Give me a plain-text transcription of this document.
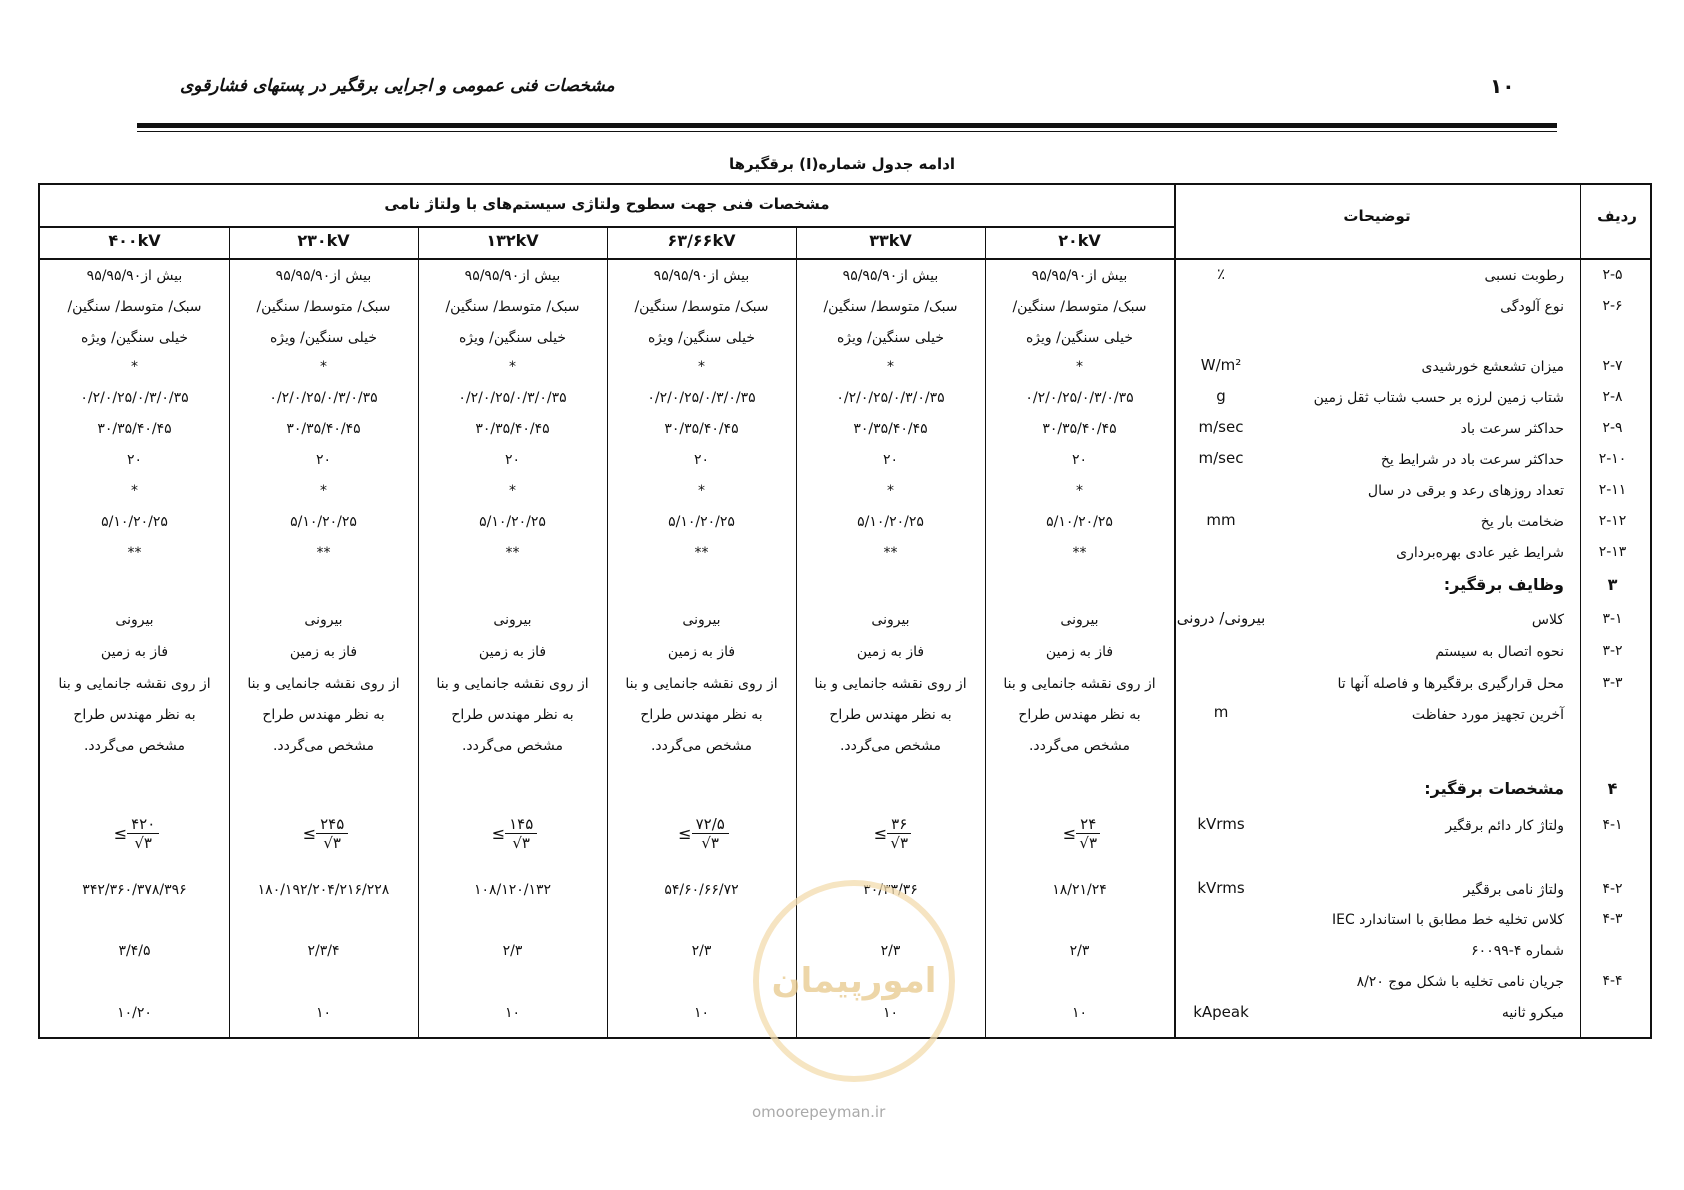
۱۰
مشخصات فنی عمومی و اجرایی برقگیر در پستهای فشارقوی
ادامه جدول شماره(I) برقگیرها
ردیف
توضیحات
مشخصات فنی جهت سطوح ولتاژی سیستم‌های با ولتاژ نامی
۲۰kV
۳۳kV
۶۳/۶۶kV
۱۳۲kV
۲۳۰kV
۴۰۰kV
۲-۵
رطوبت نسبی
٪
بیش از۹۵/۹۵/۹۰
بیش از۹۵/۹۵/۹۰
بیش از۹۵/۹۵/۹۰
بیش از۹۵/۹۵/۹۰
بیش از۹۵/۹۵/۹۰
بیش از۹۵/۹۵/۹۰
۲-۶
نوع آلودگی
سبک/ متوسط/ سنگین/
خیلی سنگین/ ویژه
سبک/ متوسط/ سنگین/
خیلی سنگین/ ویژه
سبک/ متوسط/ سنگین/
خیلی سنگین/ ویژه
سبک/ متوسط/ سنگین/
خیلی سنگین/ ویژه
سبک/ متوسط/ سنگین/
خیلی سنگین/ ویژه
سبک/ متوسط/ سنگین/
خیلی سنگین/ ویژه
۲-۷
میزان تشعشع خورشیدی
W/m²
*
*
*
*
*
*
۲-۸
شتاب زمین لرزه بر حسب شتاب ثقل زمین
g
۰/۲/۰/۲۵/۰/۳/۰/۳۵
۰/۲/۰/۲۵/۰/۳/۰/۳۵
۰/۲/۰/۲۵/۰/۳/۰/۳۵
۰/۲/۰/۲۵/۰/۳/۰/۳۵
۰/۲/۰/۲۵/۰/۳/۰/۳۵
۰/۲/۰/۲۵/۰/۳/۰/۳۵
۲-۹
حداکثر سرعت باد
m/sec
۳۰/۳۵/۴۰/۴۵
۳۰/۳۵/۴۰/۴۵
۳۰/۳۵/۴۰/۴۵
۳۰/۳۵/۴۰/۴۵
۳۰/۳۵/۴۰/۴۵
۳۰/۳۵/۴۰/۴۵
۲-۱۰
حداکثر سرعت باد در شرایط یخ
m/sec
۲۰
۲۰
۲۰
۲۰
۲۰
۲۰
۲-۱۱
تعداد روزهای رعد و برقی در سال
*
*
*
*
*
*
۲-۱۲
ضخامت بار یخ
mm
۵/۱۰/۲۰/۲۵
۵/۱۰/۲۰/۲۵
۵/۱۰/۲۰/۲۵
۵/۱۰/۲۰/۲۵
۵/۱۰/۲۰/۲۵
۵/۱۰/۲۰/۲۵
۲-۱۳
شرایط غیر عادی بهره‌برداری
**
**
**
**
**
**
۳
وظایف برقگیر:
۳-۱
کلاس
بیرونی/ درونی
بیرونی
بیرونی
بیرونی
بیرونی
بیرونی
بیرونی
۳-۲
نحوه اتصال به سیستم
فاز به زمین
فاز به زمین
فاز به زمین
فاز به زمین
فاز به زمین
فاز به زمین
۳-۳
محل قرارگیری برقگیرها و فاصله آنها تا
آخرین تجهیز مورد حفاظت
m
از روی نقشه جانمایی و بنا
به نظر مهندس طراح
مشخص می‌گردد.
از روی نقشه جانمایی و بنا
به نظر مهندس طراح
مشخص می‌گردد.
از روی نقشه جانمایی و بنا
به نظر مهندس طراح
مشخص می‌گردد.
از روی نقشه جانمایی و بنا
به نظر مهندس طراح
مشخص می‌گردد.
از روی نقشه جانمایی و بنا
به نظر مهندس طراح
مشخص می‌گردد.
از روی نقشه جانمایی و بنا
به نظر مهندس طراح
مشخص می‌گردد.
۴
مشخصات برقگیر:
۴-۱
ولتاژ کار دائم برقگیر
kVrms
≤ $\frac{۲۴}{√۳}$
≤ $\frac{۳۶}{√۳}$
≤ $\frac{۷۲/۵}{√۳}$
≤ $\frac{۱۴۵}{√۳}$
≤ $\frac{۲۴۵}{√۳}$
≤ $\frac{۴۲۰}{√۳}$
۴-۲
ولتاژ نامی برقگیر
kVrms
۱۸/۲۱/۲۴
۳۰/۳۳/۳۶
۵۴/۶۰/۶۶/۷۲
۱۰۸/۱۲۰/۱۳۲
۱۸۰/۱۹۲/۲۰۴/۲۱۶/۲۲۸
۳۴۲/۳۶۰/۳۷۸/۳۹۶
۴-۳
کلاس تخلیه خط مطابق با استاندارد IEC
شماره ۴-۶۰۰۹۹
۲/۳
۲/۳
۲/۳
۲/۳
۲/۳/۴
۳/۴/۵
۴-۴
جریان نامی تخلیه با شکل موج ۸/۲۰
میکرو ثانیه
kApeak
۱۰
۱۰
۱۰
۱۰
۱۰
۱۰/۲۰
امورپیمان
omoorepeyman.ir
